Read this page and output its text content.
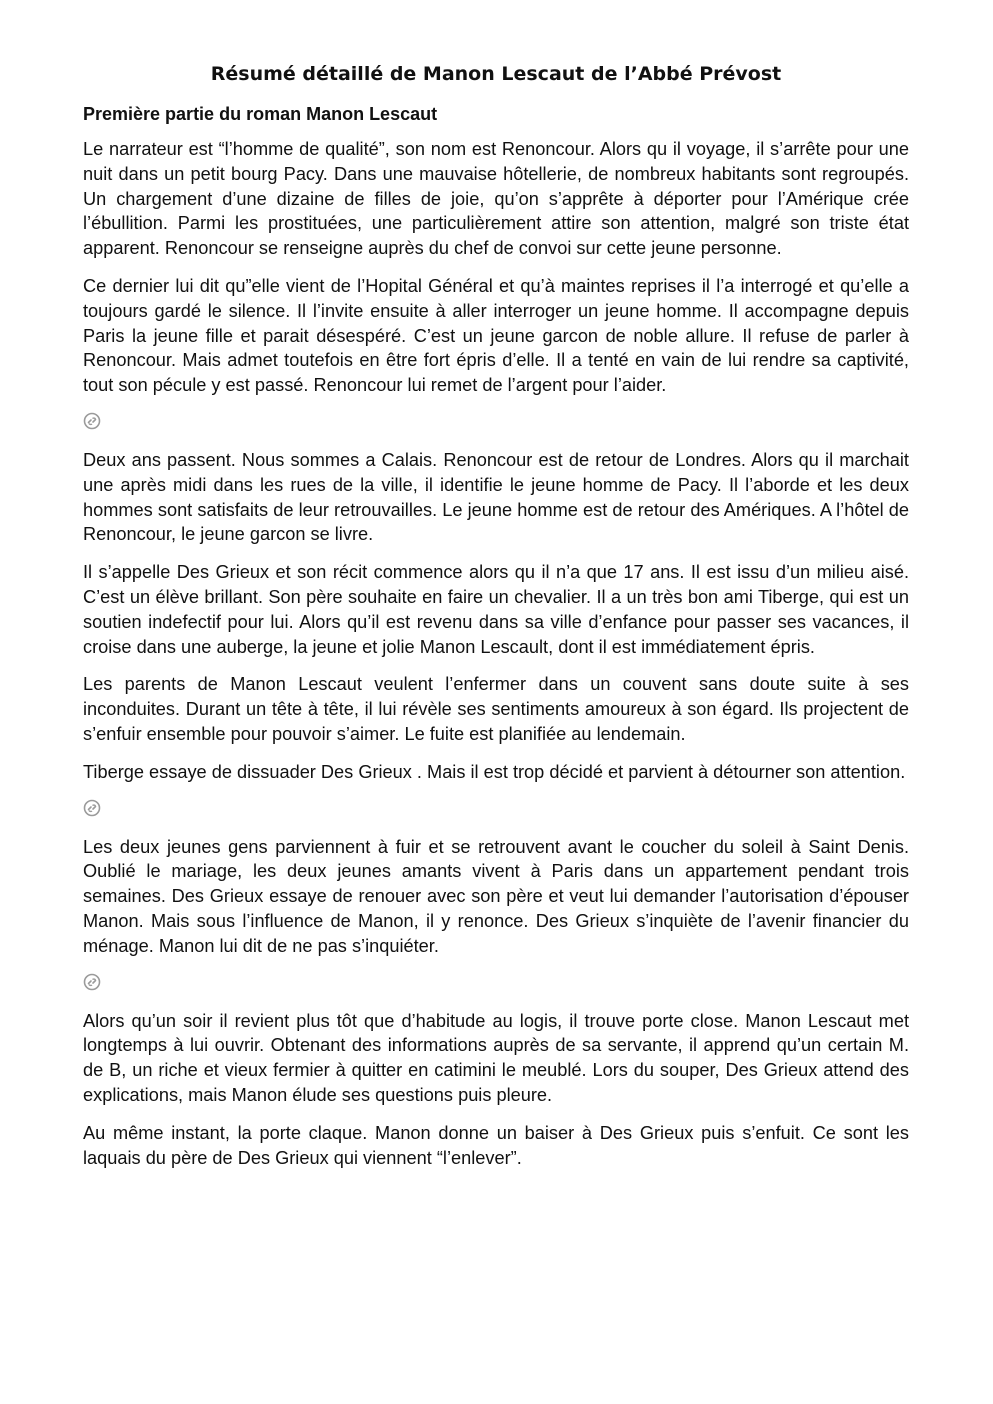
Résumé détaillé de Manon Lescaut de l’Abbé Prévost
Première partie du roman Manon Lescaut

Le narrateur est “l’homme de qualité”, son nom est Renoncour. Alors qu il voyage, il s’arrête pour une nuit dans un petit bourg Pacy. Dans une mauvaise hôtellerie, de nombreux habitants sont regroupés. Un chargement d’une dizaine de filles de joie, qu’on s’apprête à déporter pour l’Amérique crée l’ébullition. Parmi les prostituées, une particulièrement attire son attention, malgré son triste état apparent. Renoncour se renseigne auprès du chef de convoi sur cette jeune personne.

Ce dernier lui dit qu”elle vient de l’Hopital Général et qu’à maintes reprises il l’a interrogé et qu’elle a toujours gardé le silence. Il l’invite ensuite à aller interroger un jeune homme. Il accompagne depuis Paris la jeune fille et parait désespéré. C’est un jeune garcon de noble allure. Il refuse de parler à Renoncour. Mais admet toutefois en être fort épris d’elle. Il a tenté en vain de lui rendre sa captivité, tout son pécule y est passé. Renoncour lui remet de l’argent pour l’aider.

Deux ans passent. Nous sommes a Calais. Renoncour est de retour de Londres. Alors qu il marchait une après midi dans les rues de la ville, il identifie le jeune homme de Pacy. Il l’aborde et les deux hommes sont satisfaits de leur retrouvailles. Le jeune homme est de retour des Amériques. A l’hôtel de Renoncour, le jeune garcon se livre.

Il s’appelle Des Grieux et son récit commence alors qu il n’a que 17 ans. Il est issu d’un milieu aisé. C’est un élève brillant. Son père souhaite en faire un chevalier. Il a un très bon ami Tiberge, qui est un soutien indefectif pour lui. Alors qu’il est revenu dans sa ville d’enfance pour passer ses vacances, il croise dans une auberge, la jeune et jolie Manon Lescault, dont il est immédiatement épris.

Les parents de Manon Lescaut veulent l’enfermer dans un couvent sans doute suite à ses inconduites. Durant un tête à tête, il lui révèle ses sentiments amoureux à son égard. Ils projectent de s’enfuir ensemble pour pouvoir s’aimer. Le fuite est planifiée au lendemain.

Tiberge essaye de dissuader Des Grieux . Mais il est trop décidé et parvient à détourner son attention.

Les deux jeunes gens parviennent à fuir et se retrouvent avant le coucher du soleil à Saint Denis. Oublié le mariage, les deux jeunes amants vivent à Paris dans un appartement pendant trois semaines. Des Grieux essaye de renouer avec son père et veut lui demander l’autorisation d’épouser Manon. Mais sous l’influence de Manon, il y renonce. Des Grieux s’inquiète de l’avenir financier du ménage. Manon lui dit de ne pas s’inquiéter.

Alors qu’un soir il revient plus tôt que d’habitude au logis, il trouve porte close. Manon Lescaut met longtemps à lui ouvrir. Obtenant des informations auprès de sa servante, il apprend qu’un certain M. de B, un riche et vieux fermier à quitter en catimini le meublé. Lors du souper, Des Grieux attend des explications, mais Manon élude ses questions puis pleure.

Au même instant, la porte claque. Manon donne un baiser à Des Grieux puis s’enfuit. Ce sont les laquais du père de Des Grieux qui viennent “l’enlever”.
